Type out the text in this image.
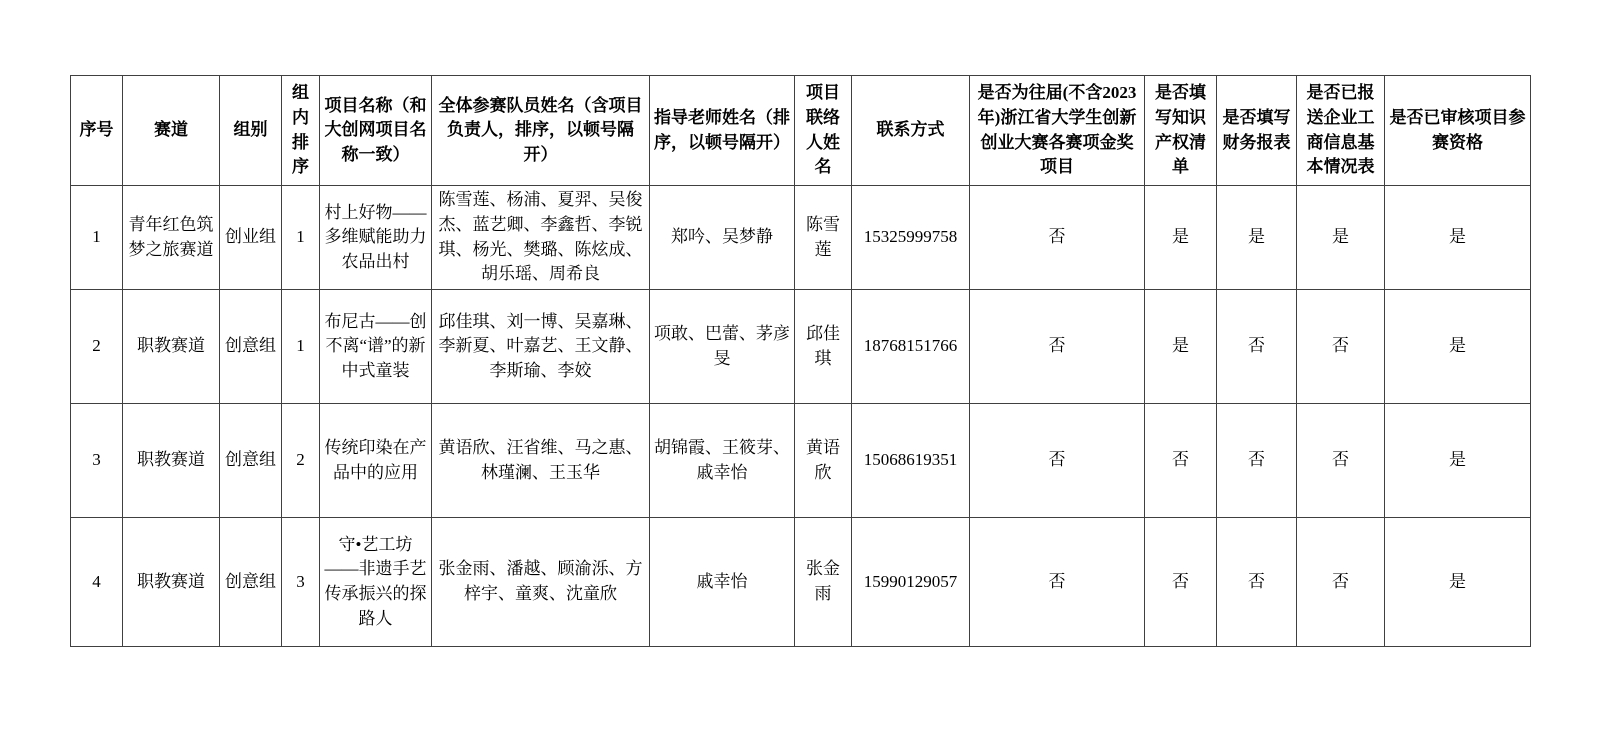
序号	赛道	组别	组内排序	项目名称（和大创网项目名称一致）	全体参赛队员姓名（含项目负责人，排序，以顿号隔开）	指导老师姓名（排序，以顿号隔开）	项目联络人姓名	联系方式	是否为往届(不含2023年)浙江省大学生创新创业大赛各赛项金奖项目	是否填写知识产权清单	是否填写财务报表	是否已报送企业工商信息基本情况表	是否已审核项目参赛资格
1	青年红色筑梦之旅赛道	创业组	1	村上好物——多维赋能助力农品出村	陈雪莲、杨浦、夏羿、吴俊杰、蓝艺卿、李鑫哲、李锐琪、杨光、樊璐、陈炫成、胡乐瑶、周希良	郑吟、吴梦静	陈雪莲	15325999758	否	是	是	是	是
2	职教赛道	创意组	1	布尼古——创不离“谱”的新中式童装	邱佳琪、刘一博、吴嘉琳、李新夏、叶嘉艺、王文静、李斯瑜、李姣	项敢、巴蕾、茅彦旻	邱佳琪	18768151766	否	是	否	否	是
3	职教赛道	创意组	2	传统印染在产品中的应用	黄语欣、汪省维、马之惠、林瑾澜、王玉华	胡锦霞、王筱芽、戚幸怡	黄语欣	15068619351	否	否	否	否	是
4	职教赛道	创意组	3	守•艺工坊——非遗手艺传承振兴的探路人	张金雨、潘越、顾渝泺、方梓宇、童爽、沈童欣	戚幸怡	张金雨	15990129057	否	否	否	否	是
